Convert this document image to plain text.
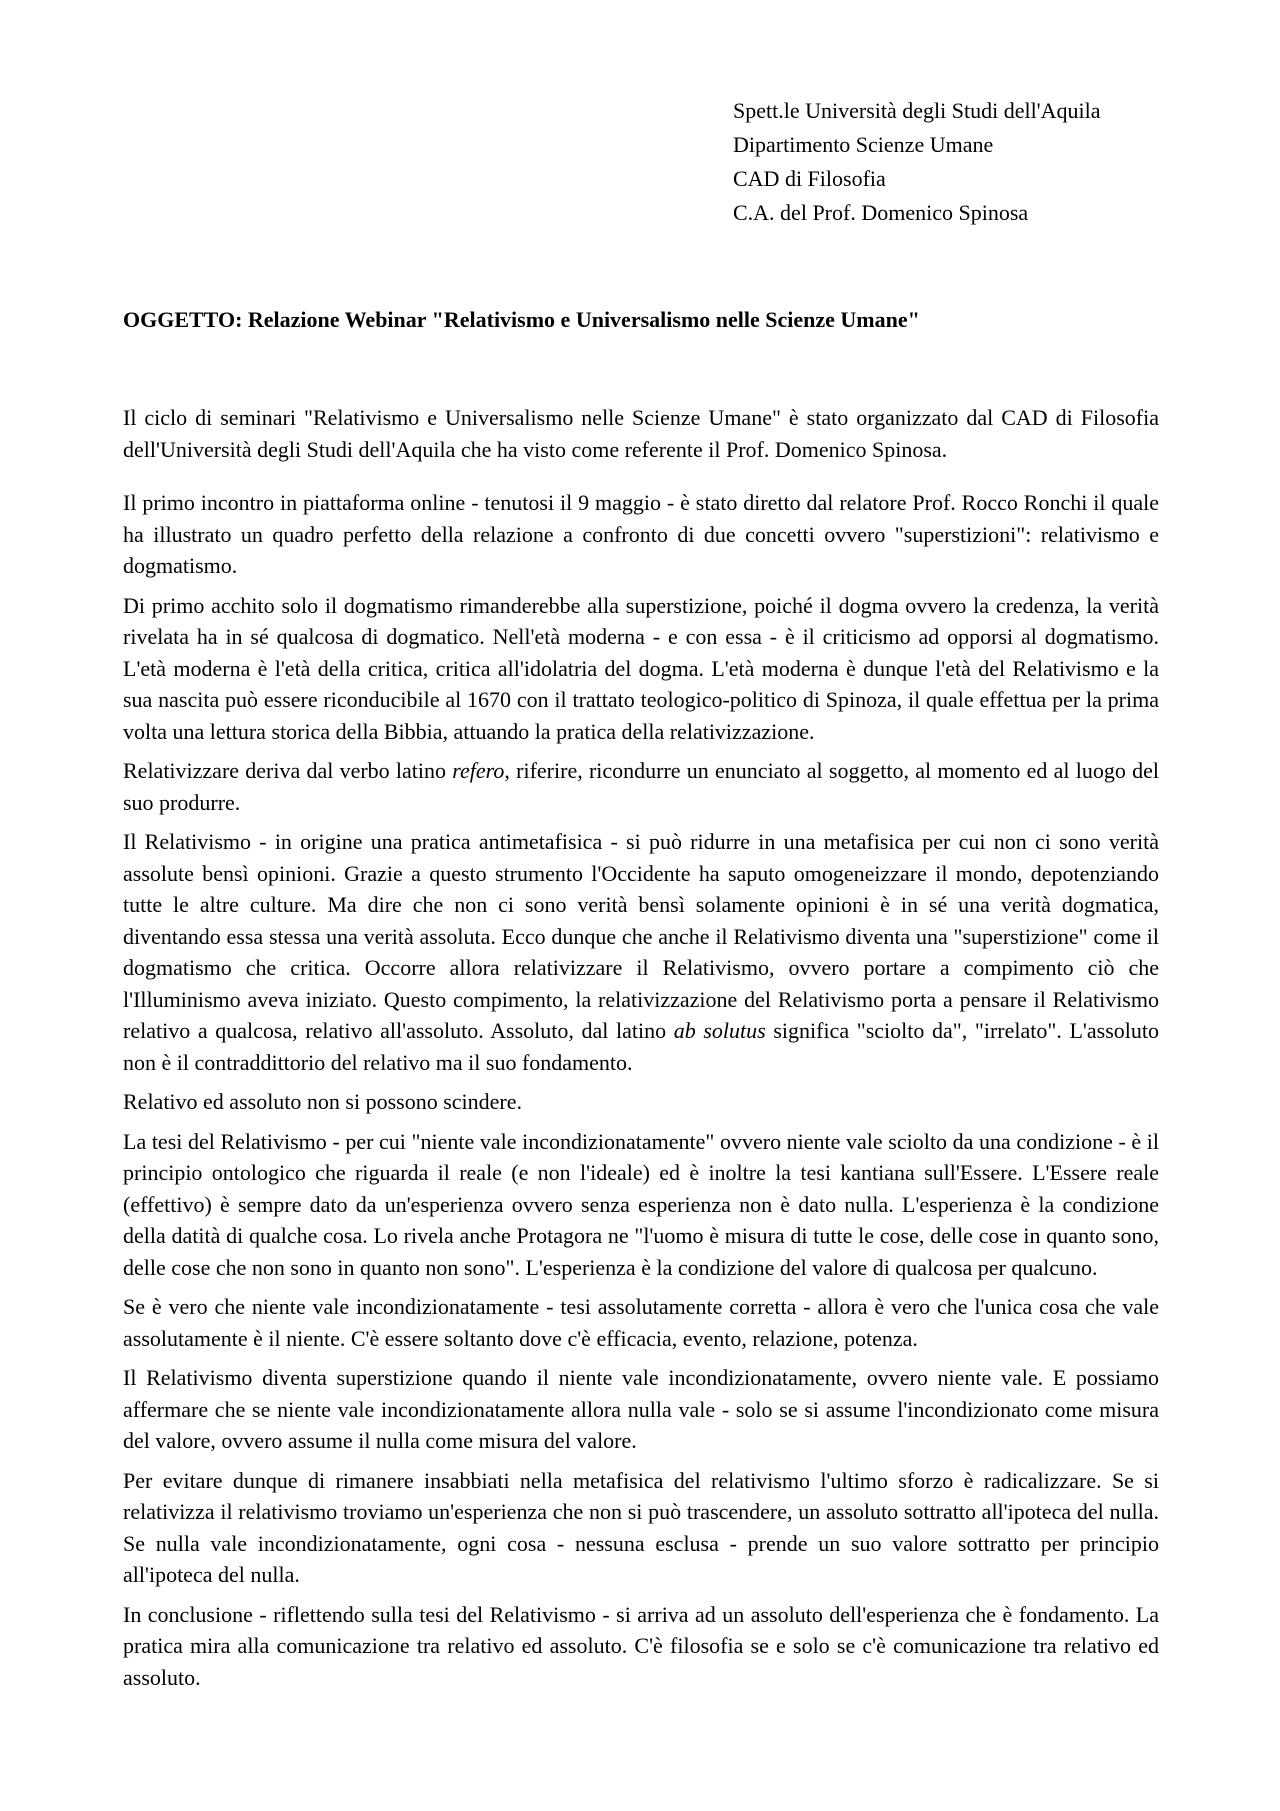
Spett.le Università degli Studi dell'Aquila
Dipartimento Scienze Umane
CAD di Filosofia
C.A. del Prof. Domenico Spinosa
OGGETTO: Relazione Webinar "Relativismo e Universalismo nelle Scienze Umane"

Il ciclo di seminari "Relativismo e Universalismo nelle Scienze Umane" è stato organizzato dal CAD di Filosofia dell'Università degli Studi dell'Aquila che ha visto come referente il Prof. Domenico Spinosa.

Il primo incontro in piattaforma online - tenutosi il 9 maggio - è stato diretto dal relatore Prof. Rocco Ronchi il quale ha illustrato un quadro perfetto della relazione a confronto di due concetti ovvero "superstizioni": relativismo e dogmatismo.

Di primo acchito solo il dogmatismo rimanderebbe alla superstizione, poiché il dogma ovvero la credenza, la verità rivelata ha in sé qualcosa di dogmatico. Nell'età moderna - e con essa - è il criticismo ad opporsi al dogmatismo. L'età moderna è l'età della critica, critica all'idolatria del dogma. L'età moderna è dunque l'età del Relativismo e la sua nascita può essere riconducibile al 1670 con il trattato teologico-politico di Spinoza, il quale effettua per la prima volta una lettura storica della Bibbia, attuando la pratica della relativizzazione.

Relativizzare deriva dal verbo latino refero, riferire, ricondurre un enunciato al soggetto, al momento ed al luogo del suo produrre.

Il Relativismo - in origine una pratica antimetafisica - si può ridurre in una metafisica per cui non ci sono verità assolute bensì opinioni. Grazie a questo strumento l'Occidente ha saputo omogeneizzare il mondo, depotenziando tutte le altre culture. Ma dire che non ci sono verità bensì solamente opinioni è in sé una verità dogmatica, diventando essa stessa una verità assoluta. Ecco dunque che anche il Relativismo diventa una "superstizione" come il dogmatismo che critica. Occorre allora relativizzare il Relativismo, ovvero portare a compimento ciò che l'Illuminismo aveva iniziato. Questo compimento, la relativizzazione del Relativismo porta a pensare il Relativismo relativo a qualcosa, relativo all'assoluto. Assoluto, dal latino ab solutus significa "sciolto da", "irrelato". L'assoluto non è il contraddittorio del relativo ma il suo fondamento.

Relativo ed assoluto non si possono scindere.

La tesi del Relativismo - per cui "niente vale incondizionatamente" ovvero niente vale sciolto da una condizione - è il principio ontologico che riguarda il reale (e non l'ideale) ed è inoltre la tesi kantiana sull'Essere. L'Essere reale (effettivo) è sempre dato da un'esperienza ovvero senza esperienza non è dato nulla. L'esperienza è la condizione della datità di qualche cosa. Lo rivela anche Protagora ne "l'uomo è misura di tutte le cose, delle cose in quanto sono, delle cose che non sono in quanto non sono". L'esperienza è la condizione del valore di qualcosa per qualcuno.

Se è vero che niente vale incondizionatamente - tesi assolutamente corretta - allora è vero che l'unica cosa che vale assolutamente è il niente. C'è essere soltanto dove c'è efficacia, evento, relazione, potenza.

Il Relativismo diventa superstizione quando il niente vale incondizionatamente, ovvero niente vale. E possiamo affermare che se niente vale incondizionatamente allora nulla vale - solo se si assume l'incondizionato come misura del valore, ovvero assume il nulla come misura del valore.

Per evitare dunque di rimanere insabbiati nella metafisica del relativismo l'ultimo sforzo è radicalizzare. Se si relativizza il relativismo troviamo un'esperienza che non si può trascendere, un assoluto sottratto all'ipoteca del nulla. Se nulla vale incondizionatamente, ogni cosa - nessuna esclusa - prende un suo valore sottratto per principio all'ipoteca del nulla.

In conclusione - riflettendo sulla tesi del Relativismo - si arriva ad un assoluto dell'esperienza che è fondamento. La pratica mira alla comunicazione tra relativo ed assoluto. C'è filosofia se e solo se c'è comunicazione tra relativo ed assoluto.
